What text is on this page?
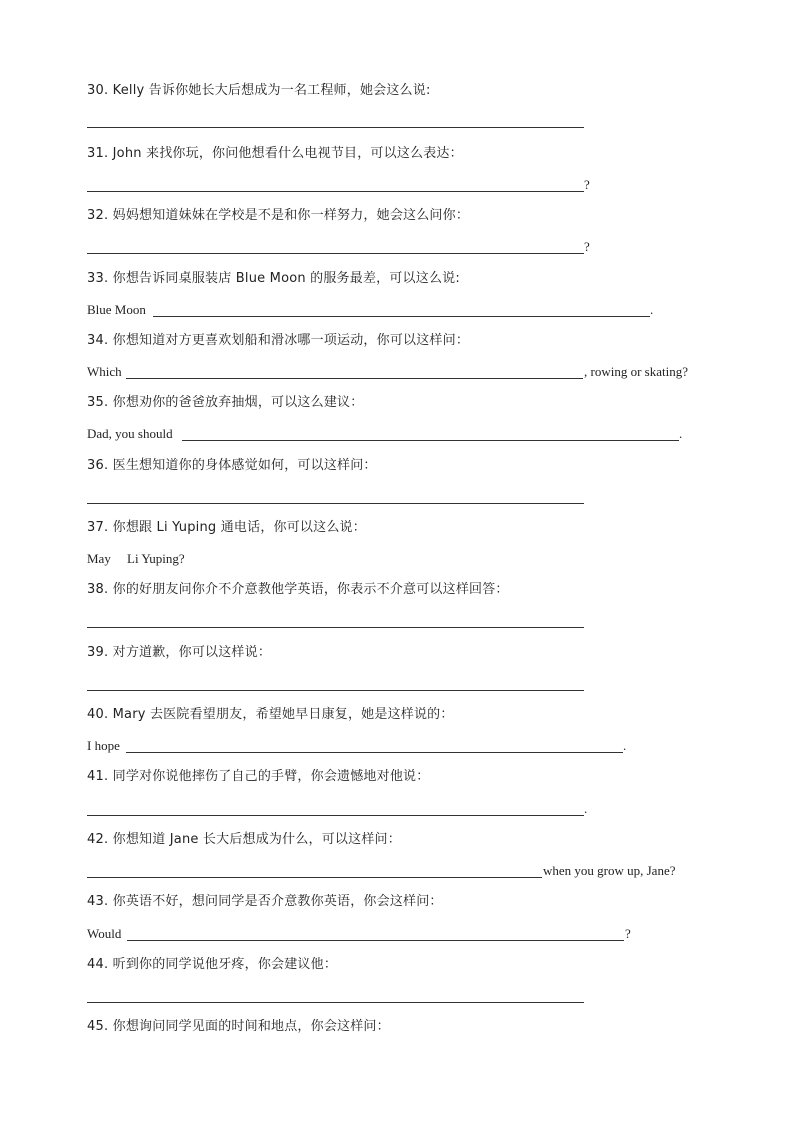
30. Kelly 告诉你她长大后想成为一名工程师，她会这么说:
31. John 来找你玩，你问他想看什么电视节目，可以这么表达：
?
32. 妈妈想知道妹妹在学校是不是和你一样努力，她会这么问你：
?
33. 你想告诉同桌服装店 Blue Moon 的服务最差，可以这么说:
Blue Moon	.
34. 你想知道对方更喜欢划船和滑冰哪一项运动，你可以这样问：
Which	, rowing or skating?
35. 你想劝你的爸爸放弃抽烟，可以这么建议：
Dad, you should	.
36. 医生想知道你的身体感觉如何，可以这样问：
37. 你想跟 Li Yuping 通电话，你可以这么说：
May Li Yuping?
38. 你的好朋友问你介不介意教他学英语，你表示不介意可以这样回答：
39. 对方道歉，你可以这样说：
40. Mary 去医院看望朋友，希望她早日康复，她是这样说的：
I hope	.
41. 同学对你说他摔伤了自己的手臂，你会遗憾地对他说：
.
42. 你想知道 Jane 长大后想成为什么，可以这样问：
when you grow up, Jane?
43. 你英语不好，想问同学是否介意教你英语，你会这样问：
Would	?
44. 听到你的同学说他牙疼，你会建议他：
45. 你想询问同学见面的时间和地点，你会这样问：
